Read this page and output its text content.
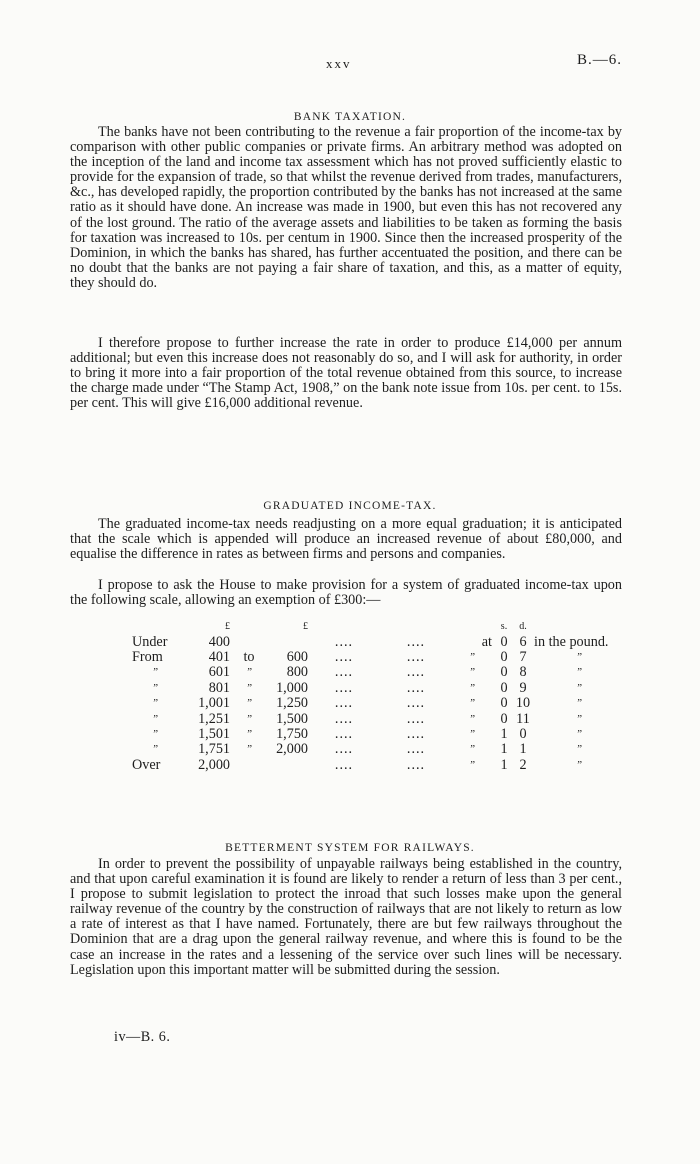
xxv	B.—6.
BANK TAXATION.

The banks have not been contributing to the revenue a fair proportion of the income-tax by comparison with other public companies or private firms. An arbitrary method was adopted on the inception of the land and income tax assessment which has not proved sufficiently elastic to provide for the expansion of trade, so that whilst the revenue derived from trades, manufacturers, &c., has developed rapidly, the proportion contributed by the banks has not increased at the same ratio as it should have done. An increase was made in 1900, but even this has not recovered any of the lost ground. The ratio of the average assets and liabilities to be taken as forming the basis for taxation was increased to 10s. per centum in 1900. Since then the increased prosperity of the Dominion, in which the banks has shared, has further accentuated the position, and there can be no doubt that the banks are not paying a fair share of taxation, and this, as a matter of equity, they should do.

I therefore propose to further increase the rate in order to produce £14,000 per annum additional; but even this increase does not reasonably do so, and I will ask for authority, in order to bring it more into a fair proportion of the total revenue obtained from this source, to increase the charge made under “The Stamp Act, 1908,” on the bank note issue from 10s. per cent. to 15s. per cent. This will give £16,000 additional revenue.

GRADUATED INCOME-TAX.

The graduated income-tax needs readjusting on a more equal graduation; it is anticipated that the scale which is appended will produce an increased revenue of about £80,000, and equalise the difference in rates as between firms and persons and companies.

I propose to ask the House to make provision for a system of graduated income-tax upon the following scale, allowing an exemption of £300:—

	£		£				s.	d.	
Under	400			....	....	at	0	6	in the pound.
From	401	to	600	....	....	”	0	7	”
”	601	”	800	....	....	”	0	8	”
”	801	”	1,000	....	....	”	0	9	”
”	1,001	”	1,250	....	....	”	0	10	”
”	1,251	”	1,500	....	....	”	0	11	”
”	1,501	”	1,750	....	....	”	1	0	”
”	1,751	”	2,000	....	....	”	1	1	”
Over	2,000			....	....	”	1	2	”
BETTERMENT SYSTEM FOR RAILWAYS.

In order to prevent the possibility of unpayable railways being established in the country, and that upon careful examination it is found are likely to render a return of less than 3 per cent., I propose to submit legislation to protect the inroad that such losses make upon the general railway revenue of the country by the construction of railways that are not likely to return as low a rate of interest as that I have named. Fortunately, there are but few railways throughout the Dominion that are a drag upon the general railway revenue, and where this is found to be the case an increase in the rates and a lessening of the service over such lines will be necessary. Legislation upon this important matter will be submitted during the session.

iv—B. 6.
